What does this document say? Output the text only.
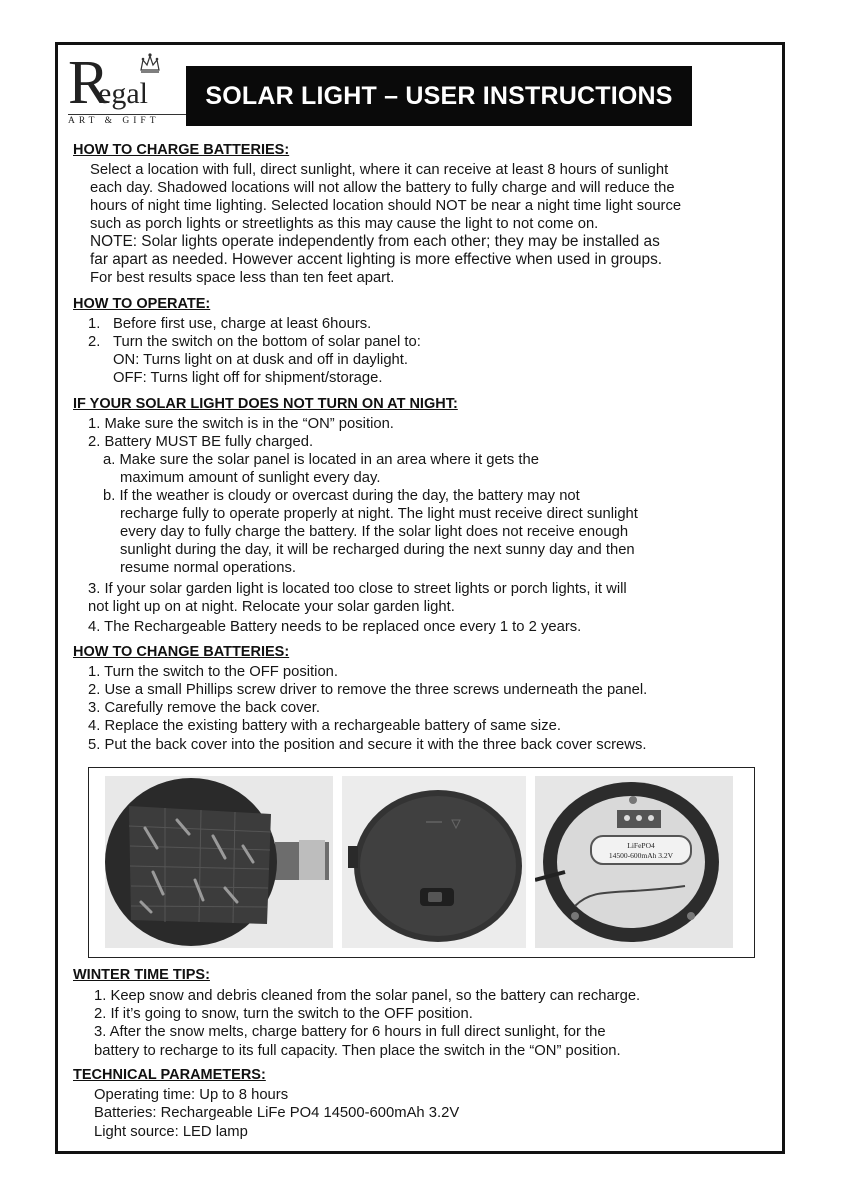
R
egal
ART & GIFT
SOLAR LIGHT – USER INSTRUCTIONS
HOW TO CHARGE BATTERIES:
Select a location with full, direct sunlight, where it can receive at least 8 hours of sunlight
each day. Shadowed locations will not allow the battery to fully charge and will reduce the
hours of night time lighting. Selected location should NOT be near a night time light source
such as porch lights or streetlights as this may cause the light to not come on.
NOTE: Solar lights operate independently from each other; they may be installed as
far apart as needed. However accent lighting is more effective when used in groups.
For best results space less than ten feet apart.
HOW TO OPERATE:
1. Before first use, charge at least 6hours.
2. Turn the switch on the bottom of solar panel to:
ON: Turns light on at dusk and off in daylight.
OFF: Turns light off for shipment/storage.
IF YOUR SOLAR LIGHT DOES NOT TURN ON AT NIGHT:
1. Make sure the switch is in the “ON” position.
2. Battery MUST BE fully charged.
a. Make sure the solar panel is located in an area where it gets the
maximum amount of sunlight every day.
b. If the weather is cloudy or overcast during the day, the battery may not
recharge fully to operate properly at night. The light must receive direct sunlight
every day to fully charge the battery. If the solar light does not receive enough
sunlight during the day, it will be recharged during the next sunny day and then
resume normal operations.
3. If your solar garden light is located too close to street lights or porch lights, it will
not light up on at night. Relocate your solar garden light.
4. The Rechargeable Battery needs to be replaced once every 1 to 2 years.
HOW TO CHANGE BATTERIES:
1. Turn the switch to the OFF position.
2. Use a small Phillips screw driver to remove the three screws underneath the panel.
3. Carefully remove the back cover.
4. Replace the existing battery with a rechargeable battery of same size.
5. Put the back cover into the position and secure it with the three back cover screws.
LiFePO4
14500-600mAh 3.2V
WINTER TIME TIPS:
1. Keep snow and debris cleaned from the solar panel, so the battery can recharge.
2. If it’s going to snow, turn the switch to the OFF position.
3. After the snow melts, charge battery for 6 hours in full direct sunlight, for the
battery to recharge to its full capacity. Then place the switch in the “ON” position.
TECHNICAL PARAMETERS:
Operating time: Up to 8 hours
Batteries: Rechargeable LiFe PO4 14500-600mAh 3.2V
Light source: LED lamp
